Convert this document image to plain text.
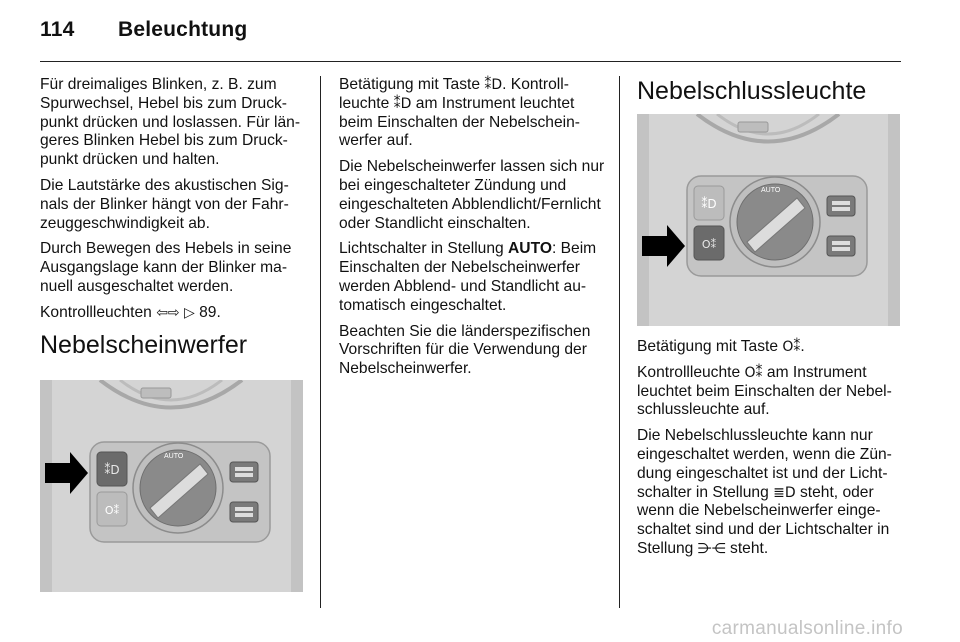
114 Beleuchtung

Für dreimaliges Blinken, z. B. zum Spurwechsel, Hebel bis zum Druckpunkt drücken und loslassen. Für längeres Blinken Hebel bis zum Druckpunkt drücken und halten.

Die Lautstärke des akustischen Signals der Blinker hängt von der Fahrzeuggeschwindigkeit ab.

Durch Bewegen des Hebels in seine Ausgangslage kann der Blinker manuell ausgeschaltet werden.

Kontrollleuchten ⇦⇨ ▷ 89.

Nebelscheinwerfer
⁑D
O⁑
AUTO

Betätigung mit Taste ⁑D. Kontrollleuchte ⁑D am Instrument leuchtet beim Einschalten der Nebelscheinwerfer auf.

Die Nebelscheinwerfer lassen sich nur bei eingeschalteter Zündung und eingeschalteten Abblendlicht/Fernlicht oder Standlicht einschalten.

Lichtschalter in Stellung AUTO: Beim Einschalten der Nebelscheinwerfer werden Abblend- und Standlicht automatisch eingeschaltet.

Beachten Sie die länderspezifischen Vorschriften für die Verwendung der Nebelscheinwerfer.

Nebelschlussleuchte
⁑D
O⁑
AUTO

Betätigung mit Taste O⁑.

Kontrollleuchte O⁑ am Instrument leuchtet beim Einschalten der Nebelschlussleuchte auf.

Die Nebelschlussleuchte kann nur eingeschaltet werden, wenn die Zündung eingeschaltet ist und der Lichtschalter in Stellung ≣D steht, oder wenn die Nebelscheinwerfer eingeschaltet sind und der Lichtschalter in Stellung ⋺⋲ steht.

carmanualsonline.info
